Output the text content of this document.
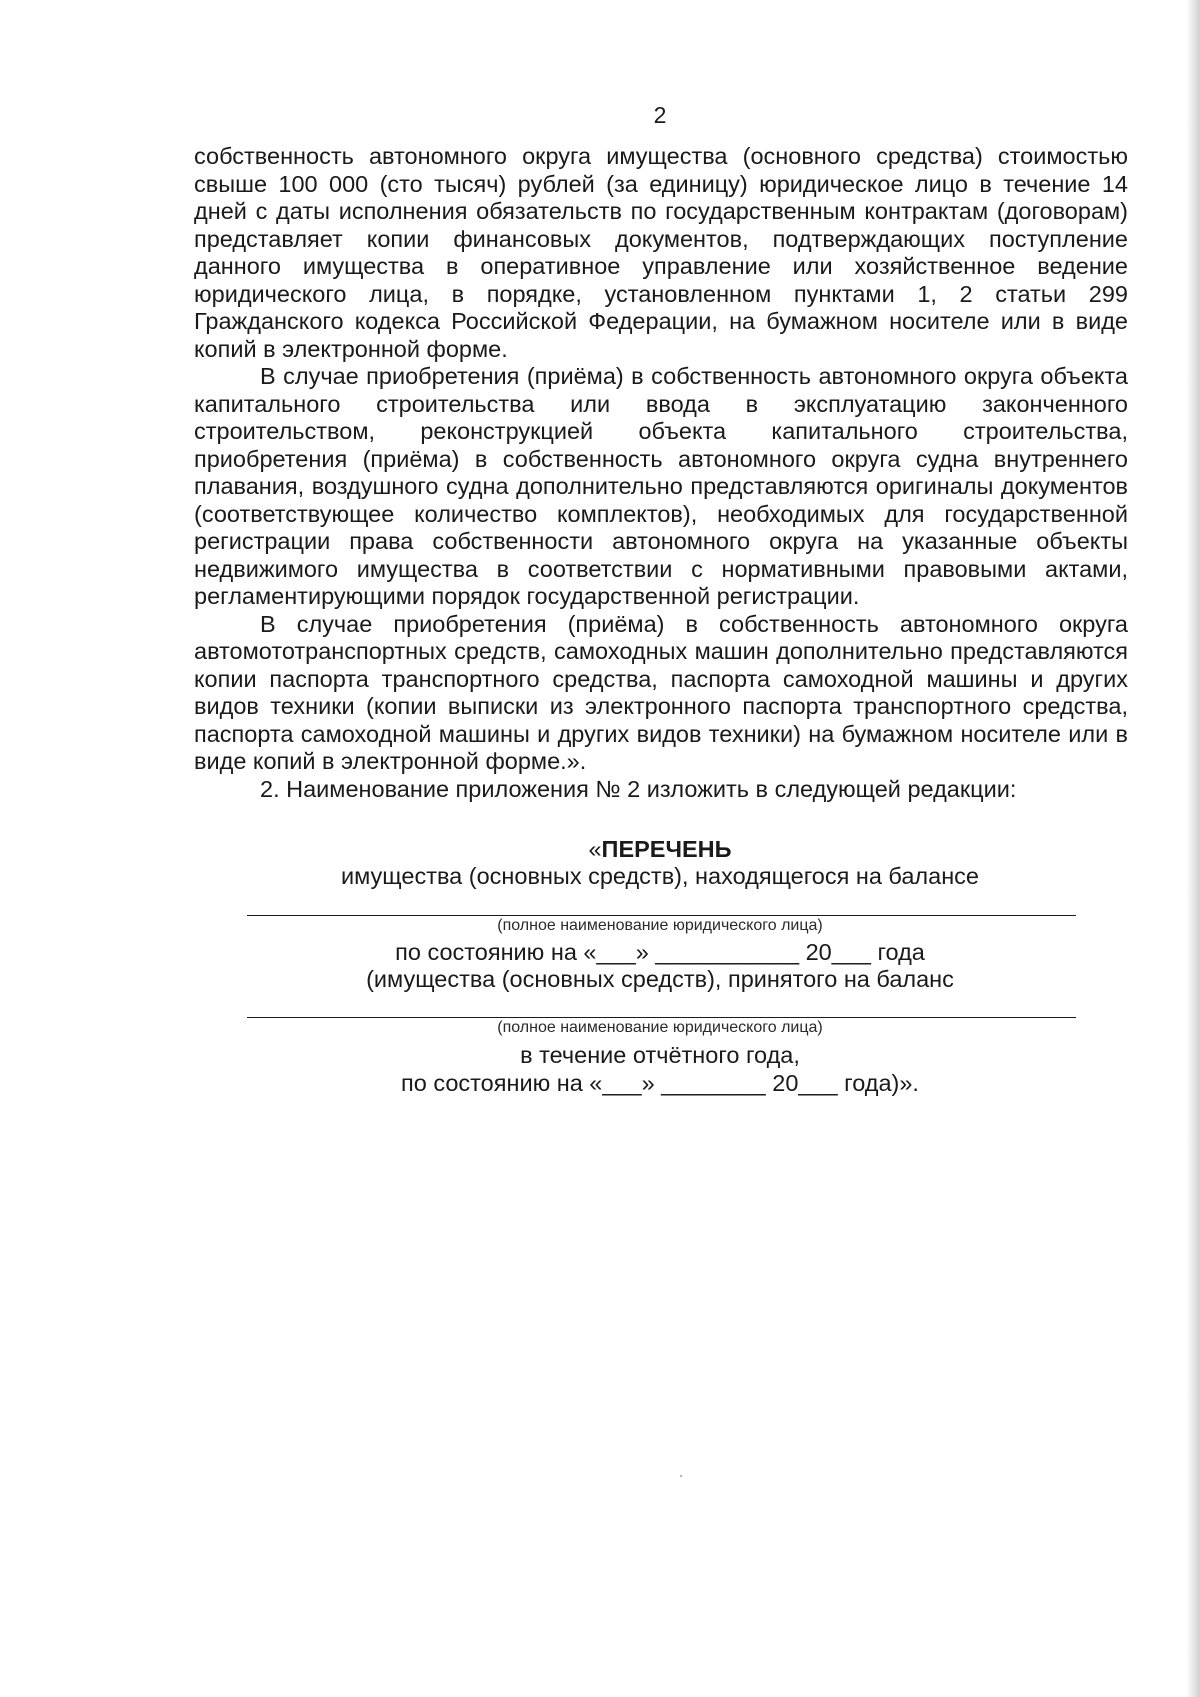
2

собственность автономного округа имущества (основного средства) стоимостью свыше 100 000 (сто тысяч) рублей (за единицу) юридическое лицо в течение 14 дней с даты исполнения обязательств по государственным контрактам (договорам) представляет копии финансовых документов, подтверждающих поступление данного имущества в оперативное управление или хозяйственное ведение юридического лица, в порядке, установленном пунктами 1, 2 статьи 299 Гражданского кодекса Российской Федерации, на бумажном носителе или в виде копий в электронной форме.

В случае приобретения (приёма) в собственность автономного округа объекта капитального строительства или ввода в эксплуатацию законченного строительством, реконструкцией объекта капитального строительства, приобретения (приёма) в собственность автономного округа судна внутреннего плавания, воздушного судна дополнительно представляются оригиналы документов (соответствующее количество комплектов), необходимых для государственной регистрации права собственности автономного округа на указанные объекты недвижимого имущества в соответствии с нормативными правовыми актами, регламентирующими порядок государственной регистрации.

В случае приобретения (приёма) в собственность автономного округа автомототранспортных средств, самоходных машин дополнительно представляются копии паспорта транспортного средства, паспорта самоходной машины и других видов техники (копии выписки из электронного паспорта транспортного средства, паспорта самоходной машины и других видов техники) на бумажном носителе или в виде копий в электронной форме.».

2. Наименование приложения № 2 изложить в следующей редакции:

«ПЕРЕЧЕНЬ
имущества (основных средств), находящегося на балансе
(полное наименование юридического лица)
по состоянию на «___» ___________ 20___ года
(имущества (основных средств), принятого на баланс
(полное наименование юридического лица)
в течение отчётного года,
по состоянию на «___» ________ 20___ года)».
